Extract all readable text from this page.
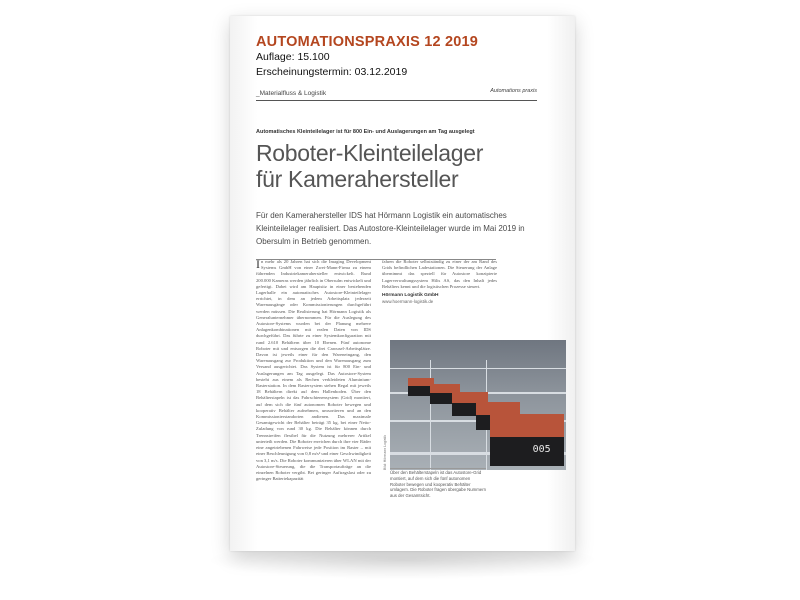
_Materialfluss & Logistik	Automations praxis
Automatisches Kleinteilelager ist für 800 Ein- und Auslagerungen am Tag ausgelegt
Roboter-Kleinteilelager
für Kamerahersteller
Für den Kamerahersteller IDS hat Hörmann Logistik ein automatisches Kleinteilelager realisiert. Das Autostore-Kleinteilelager wurde im Mai 2019 in Obersulm in Betrieb genommen.
In mehr als 20 Jahren hat sich die Imaging Development Systems GmbH von einer Zwei-Mann-Firma zu einem führenden Industriekamerahersteller entwickelt. Rund 200.000 Kameras werden jährlich in Obersulm entwickelt und gefertigt. Dabei wird am Hauptsitz in einer bestehenden Lagerhalle ein automatisches Autostore-Kleinteilelager errichtet, in dem an jedem Arbeitsplatz jederzeit Warenausgänge oder Kommissionierungen durchgeführt werden müssen. Die Realisierung hat Hörmann Logistik als Generalunternehmer übernommen. Für die Auslegung des Autostore-Systems wurden bei der Planung mehrere Anlagenkombinationen mit realen Daten von IDS durchgeführt. Das führte zu einer Systemkonfiguration mit rund 2.610 Behältern über 10 Ebenen. Fünf autonome Roboter mit und entsorgen die drei Carousel-Arbeitsplätze. Davon ist jeweils einer für den Wareneingang, den Warenausgang zur Produktion und den Warenausgang zum Versand ausgerichtet. Das System ist für 800 Ein- und Auslagerungen am Tag ausgelegt. Das Autostore-System besteht aus einem als Rechen verkleideten Aluminium-Rasterstation. In dem Rastersystem stehen Regal mit jeweils 18 Behältern direkt auf dem Hallenboden. Über den Behälterstapeln ist das Fahrschienensystem (Grid) montiert, auf dem sich die fünf autonomen Roboter bewegen und kooperativ Behälter aufnehmen, umsortieren und an den Kommissionierstandorten andienen. Das maximale Gesamtgewicht der Behälter beträgt 35 kg, bei einer Netto-Zuladung von rund 30 kg. Die Behälter können durch Trennstreifen flexibel für die Nutzung mehrerer Artikel unterteilt werden. Die Roboter erreichen durch ihre vier Räder eine angetriebenen Fahrweise jede Position im Raster – mit einer Beschleunigung von 0,8 m/s² und einer Geschwindigkeit von 3,1 m/s. Die Roboter kommunizieren über WLAN mit der Autostore-Steuerung, die die Transportaufträge an die einzelnen Roboter vergibt. Bei geringer Auftragslast oder zu geringer Batteriekapazität
fahren die Roboter selbstständig zu einer der am Rand des Grids befindlichen Ladestationen. Die Steuerung der Anlage übernimmt das speziell für Autostore konzipierte Lagerverwaltungssystem Hilis AS, das den Inhalt jedes Behälters kennt und die logistischen Prozesse steuert.
Hörmann Logistik GmbH
www.hoermann-logistik.de
005
Bild: Hörmann Logistik
Über den Behälterstapeln ist das Autostore-Grid montiert, auf dem sich die fünf autonomen Roboter bewegen und kooperativ Behälter umlagern. Die Roboter fragen übergabe Nummern aus der Gesamtsicht.
AUTOMATIONSPRAXIS 12 2019
Auflage: 15.100
Erscheinungstermin: 03.12.2019
